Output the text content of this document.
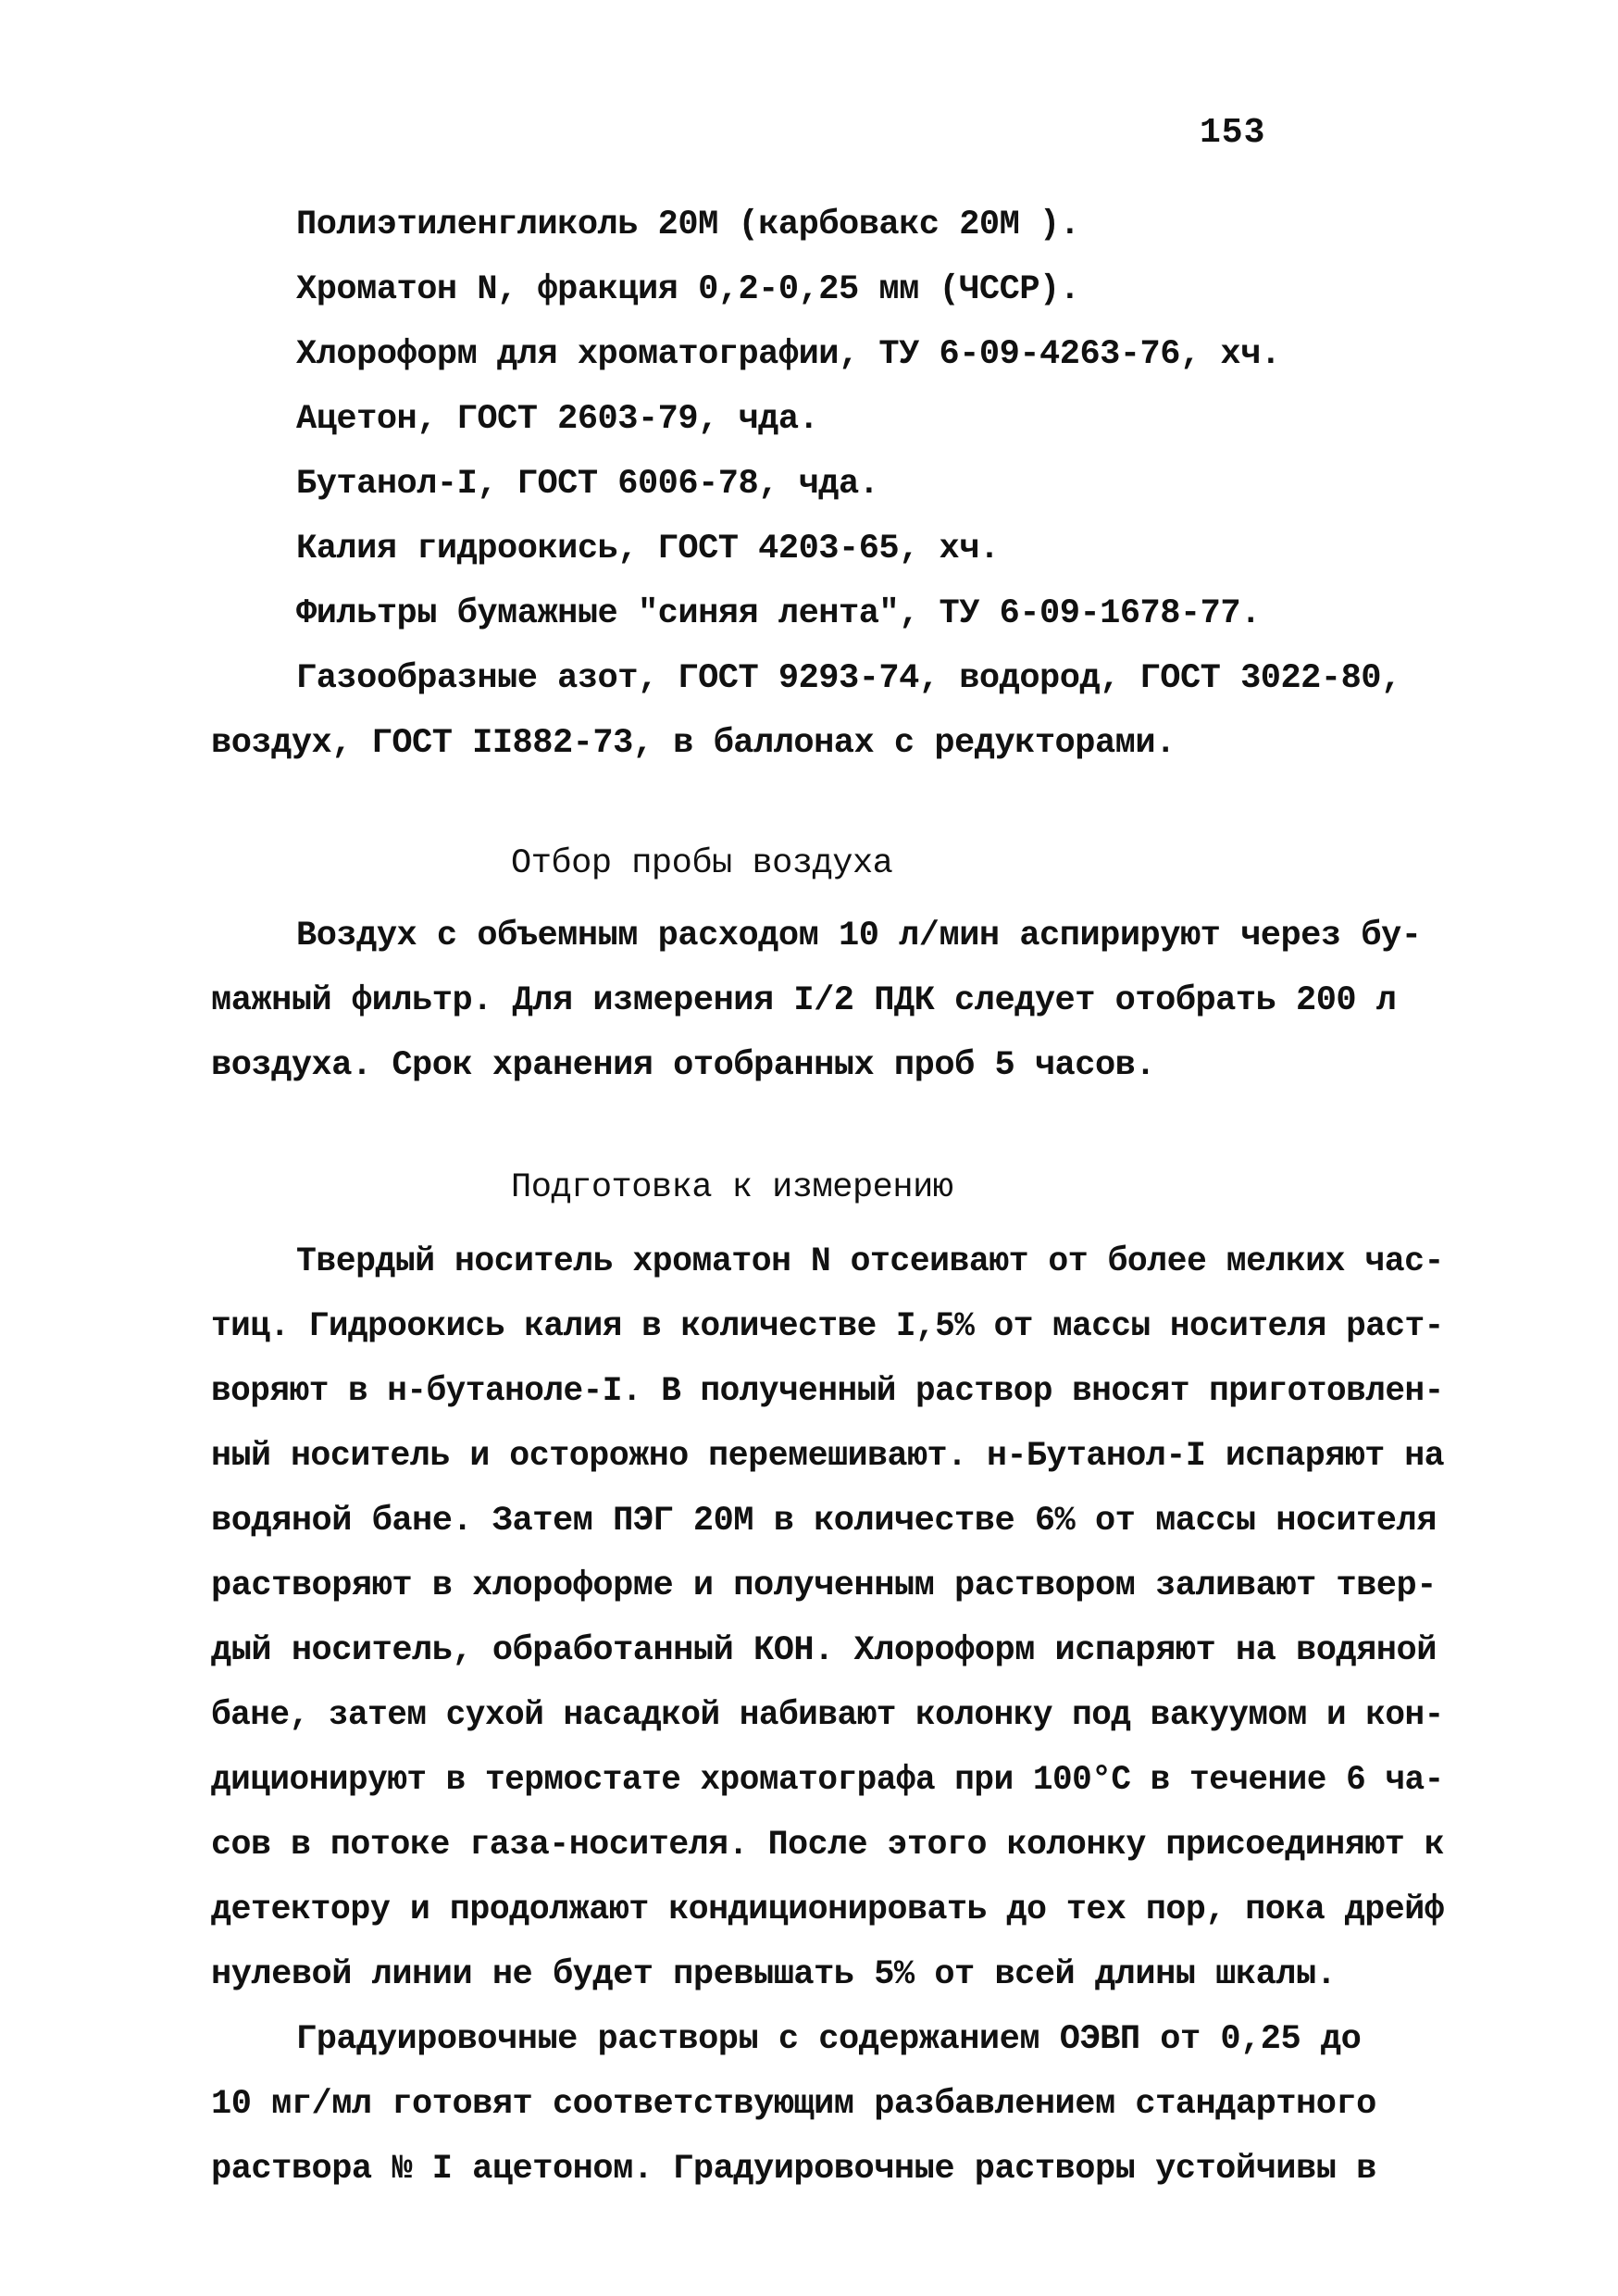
153
Полиэтиленгликоль 20М (карбовакс 20М ).
Хроматон N, фракция 0,2-0,25 мм (ЧССР).
Хлороформ для хроматографии, ТУ 6-09-4263-76, хч.
Ацетон, ГОСТ 2603-79, чда.
Бутанол-I, ГОСТ 6006-78, чда.
Калия гидроокись, ГОСТ 4203-65, хч.
Фильтры бумажные "синяя лента", ТУ 6-09-1678-77.
Газообразные азот, ГОСТ 9293-74, водород, ГОСТ 3022-80,
воздух, ГОСТ II882-73, в баллонах с редукторами.
Отбор пробы воздуха
Воздух с объемным расходом 10 л/мин аспирируют через бу-
мажный фильтр. Для измерения I/2 ПДК следует отобрать 200 л
воздуха. Срок хранения отобранных проб 5 часов.
Подготовка к измерению
Твердый носитель хроматон N отсеивают от более мелких час-
тиц. Гидроокись калия в количестве I,5% от массы носителя раст-
воряют в н-бутаноле-I. В полученный раствор вносят приготовлен-
ный носитель и осторожно перемешивают. н-Бутанол-I испаряют на
водяной бане. Затем ПЭГ 20М в количестве 6% от массы носителя
растворяют в хлороформе и полученным раствором заливают твер-
дый носитель, обработанный КОН. Хлороформ испаряют на водяной
бане, затем сухой насадкой набивают колонку под вакуумом и кон-
диционируют в термостате хроматографа при 100°С в течение 6 ча-
сов в потоке газа-носителя. После этого колонку присоединяют к
детектору и продолжают кондиционировать до тех пор, пока дрейф
нулевой линии не будет превышать 5% от всей длины шкалы.
Градуировочные растворы с содержанием ОЭВП от 0,25 до
10 мг/мл готовят соответствующим разбавлением стандартного
раствора № I ацетоном. Градуировочные растворы устойчивы в
